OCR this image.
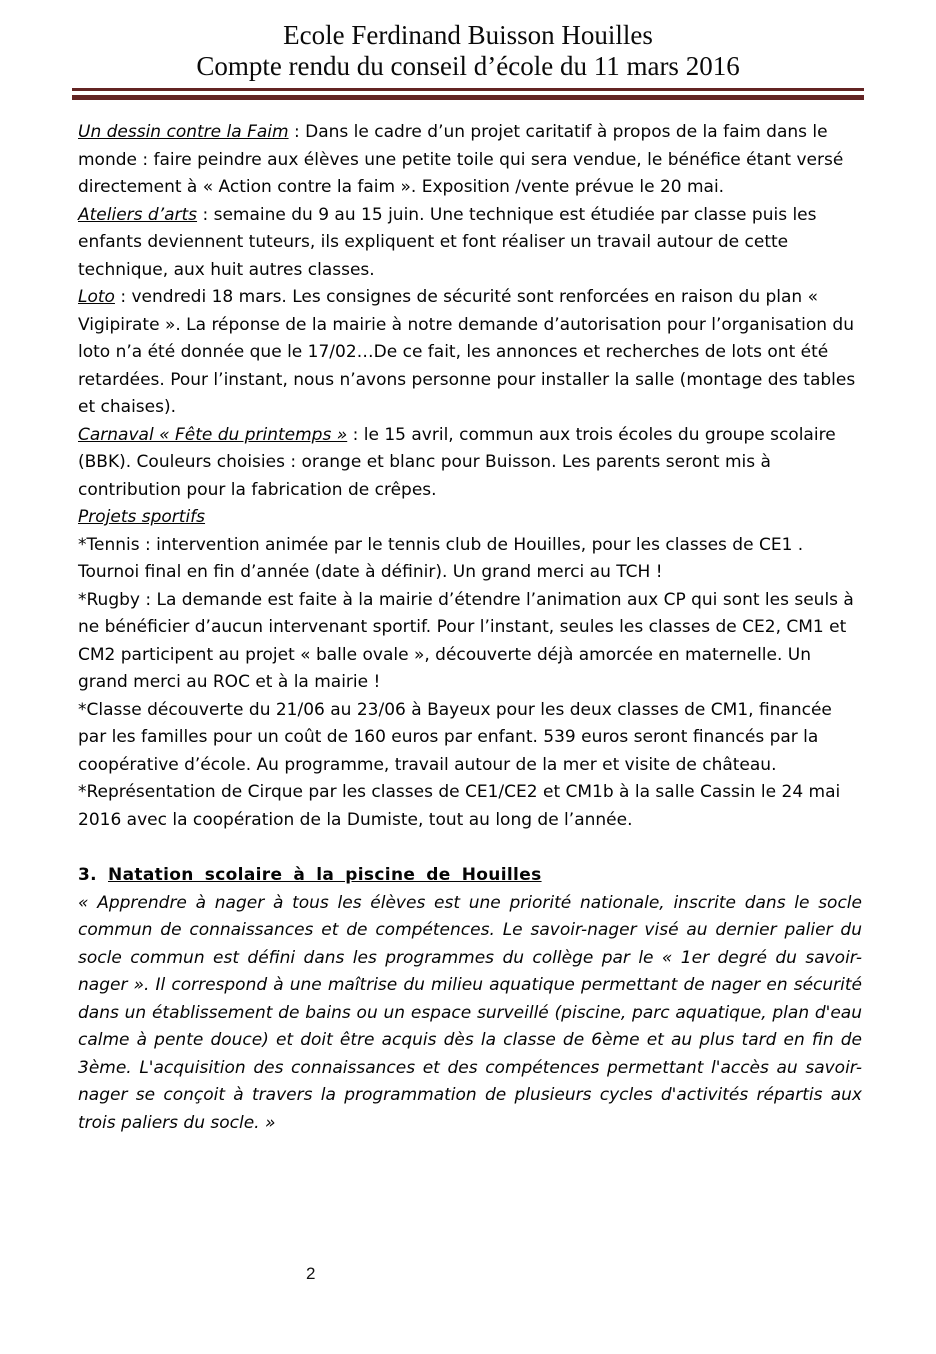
Ecole Ferdinand Buisson Houilles
Compte rendu du conseil d’école du 11 mars 2016

Un dessin contre la Faim : Dans le cadre d’un projet caritatif à propos de la faim dans le monde : faire peindre aux élèves une petite toile qui sera vendue, le bénéfice étant versé directement à « Action contre la faim ». Exposition /vente prévue le 20 mai.

Ateliers d’arts : semaine du 9 au 15 juin. Une technique est étudiée par classe puis les enfants deviennent tuteurs, ils expliquent et font réaliser un travail autour de cette technique, aux huit autres classes.

Loto : vendredi 18 mars. Les consignes de sécurité sont renforcées en raison du plan « Vigipirate ». La réponse de la mairie à notre demande d’autorisation pour l’organisation du loto n’a été donnée que le 17/02…De ce fait, les annonces et recherches de lots ont été retardées. Pour l’instant, nous n’avons personne pour installer la salle (montage des tables et chaises).

Carnaval « Fête du printemps » : le 15 avril, commun aux trois écoles du groupe scolaire (BBK). Couleurs choisies : orange et blanc pour Buisson. Les parents seront mis à contribution pour la fabrication de crêpes.

Projets sportifs

*Tennis : intervention animée par le tennis club de Houilles, pour les classes de CE1 . Tournoi final en fin d’année (date à définir). Un grand merci au TCH !

*Rugby : La demande est faite à la mairie d’étendre l’animation aux CP qui sont les seuls à ne bénéficier d’aucun intervenant sportif. Pour l’instant, seules les classes de CE2, CM1 et CM2 participent au projet « balle ovale », découverte déjà amorcée en maternelle. Un grand merci au ROC et à la mairie !

*Classe découverte du 21/06 au 23/06 à Bayeux pour les deux classes de CM1, financée par les familles pour un coût de 160 euros par enfant. 539 euros seront financés par la coopérative d’école. Au programme, travail autour de la mer et visite de château.

*Représentation de Cirque par les classes de CE1/CE2 et CM1b à la salle Cassin le 24 mai 2016 avec la coopération de la Dumiste, tout au long de l’année.

3. Natation scolaire à la piscine de Houilles

« Apprendre à nager à tous les élèves est une priorité nationale, inscrite dans le socle commun de connaissances et de compétences. Le savoir-nager visé au dernier palier du socle commun est défini dans les programmes du collège par le « 1er degré du savoir-nager ». Il correspond à une maîtrise du milieu aquatique permettant de nager en sécurité dans un établissement de bains ou un espace surveillé (piscine, parc aquatique, plan d'eau calme à pente douce) et doit être acquis dès la classe de 6ème et au plus tard en fin de 3ème. L'acquisition des connaissances et des compétences permettant l'accès au savoir-nager se conçoit à travers la programmation de plusieurs cycles d'activités répartis aux trois paliers du socle. »

2
